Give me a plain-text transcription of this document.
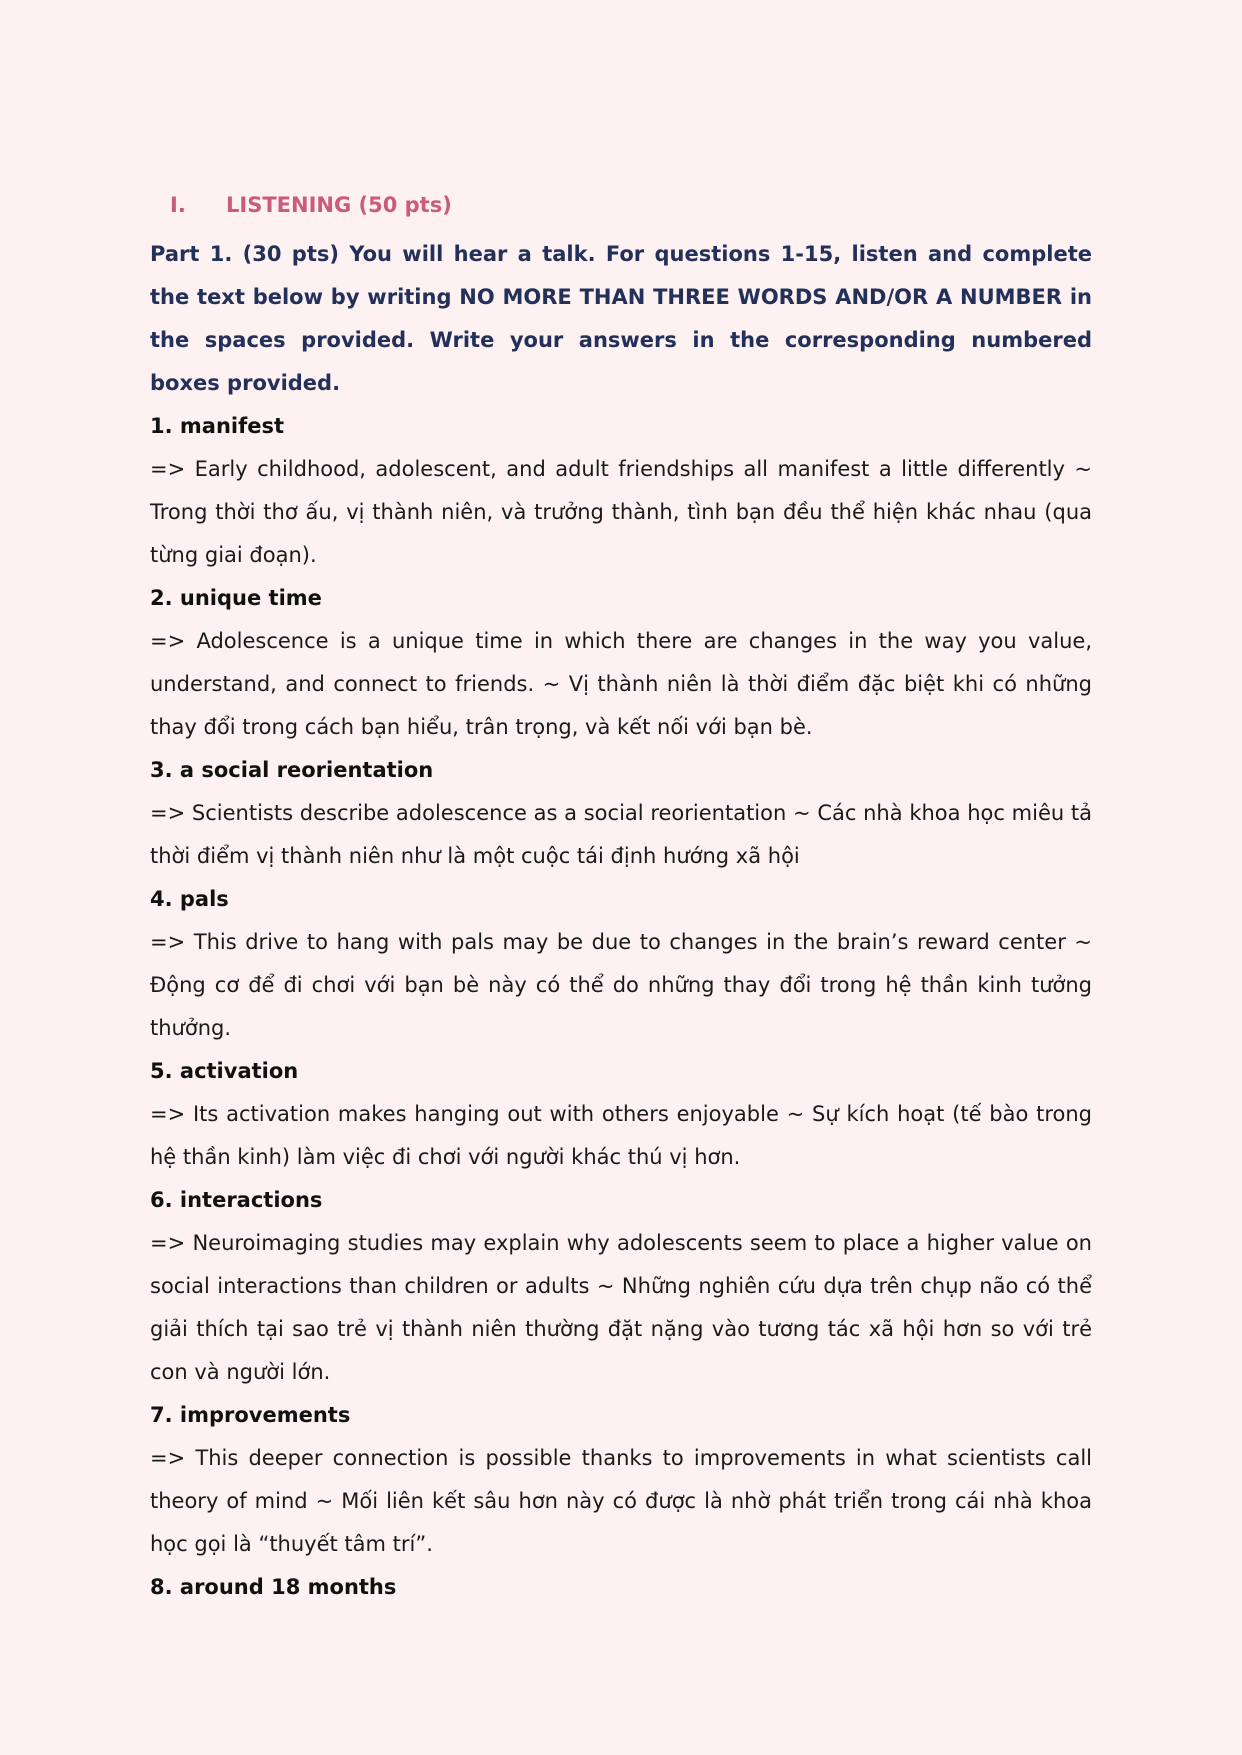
I.	LISTENING (50 pts)

Part 1. (30 pts) You will hear a talk. For questions 1-15, listen and complete the text below by writing NO MORE THAN THREE WORDS AND/OR A NUMBER in the spaces provided. Write your answers in the corresponding numbered boxes provided.

1. manifest

=> Early childhood, adolescent, and adult friendships all manifest a little differently ~ Trong thời thơ ấu, vị thành niên, và trưởng thành, tình bạn đều thể hiện khác nhau (qua từng giai đoạn).

2. unique time

=> Adolescence is a unique time in which there are changes in the way you value, understand, and connect to friends. ~ Vị thành niên là thời điểm đặc biệt khi có những thay đổi trong cách bạn hiểu, trân trọng, và kết nối với bạn bè.

3. a social reorientation

=> Scientists describe adolescence as a social reorientation ~ Các nhà khoa học miêu tả thời điểm vị thành niên như là một cuộc tái định hướng xã hội

4. pals

=> This drive to hang with pals may be due to changes in the brain’s reward center ~ Động cơ để đi chơi với bạn bè này có thể do những thay đổi trong hệ thần kinh tưởng thưởng.

5. activation

=> Its activation makes hanging out with others enjoyable ~ Sự kích hoạt (tế bào trong hệ thần kinh) làm việc đi chơi với người khác thú vị hơn.

6. interactions

=> Neuroimaging studies may explain why adolescents seem to place a higher value on social interactions than children or adults ~ Những nghiên cứu dựa trên chụp não có thể giải thích tại sao trẻ vị thành niên thường đặt nặng vào tương tác xã hội hơn so với trẻ con và người lớn.

7. improvements

=> This deeper connection is possible thanks to improvements in what scientists call theory of mind ~ Mối liên kết sâu hơn này có được là nhờ phát triển trong cái nhà khoa học gọi là “thuyết tâm trí”.

8. around 18 months
